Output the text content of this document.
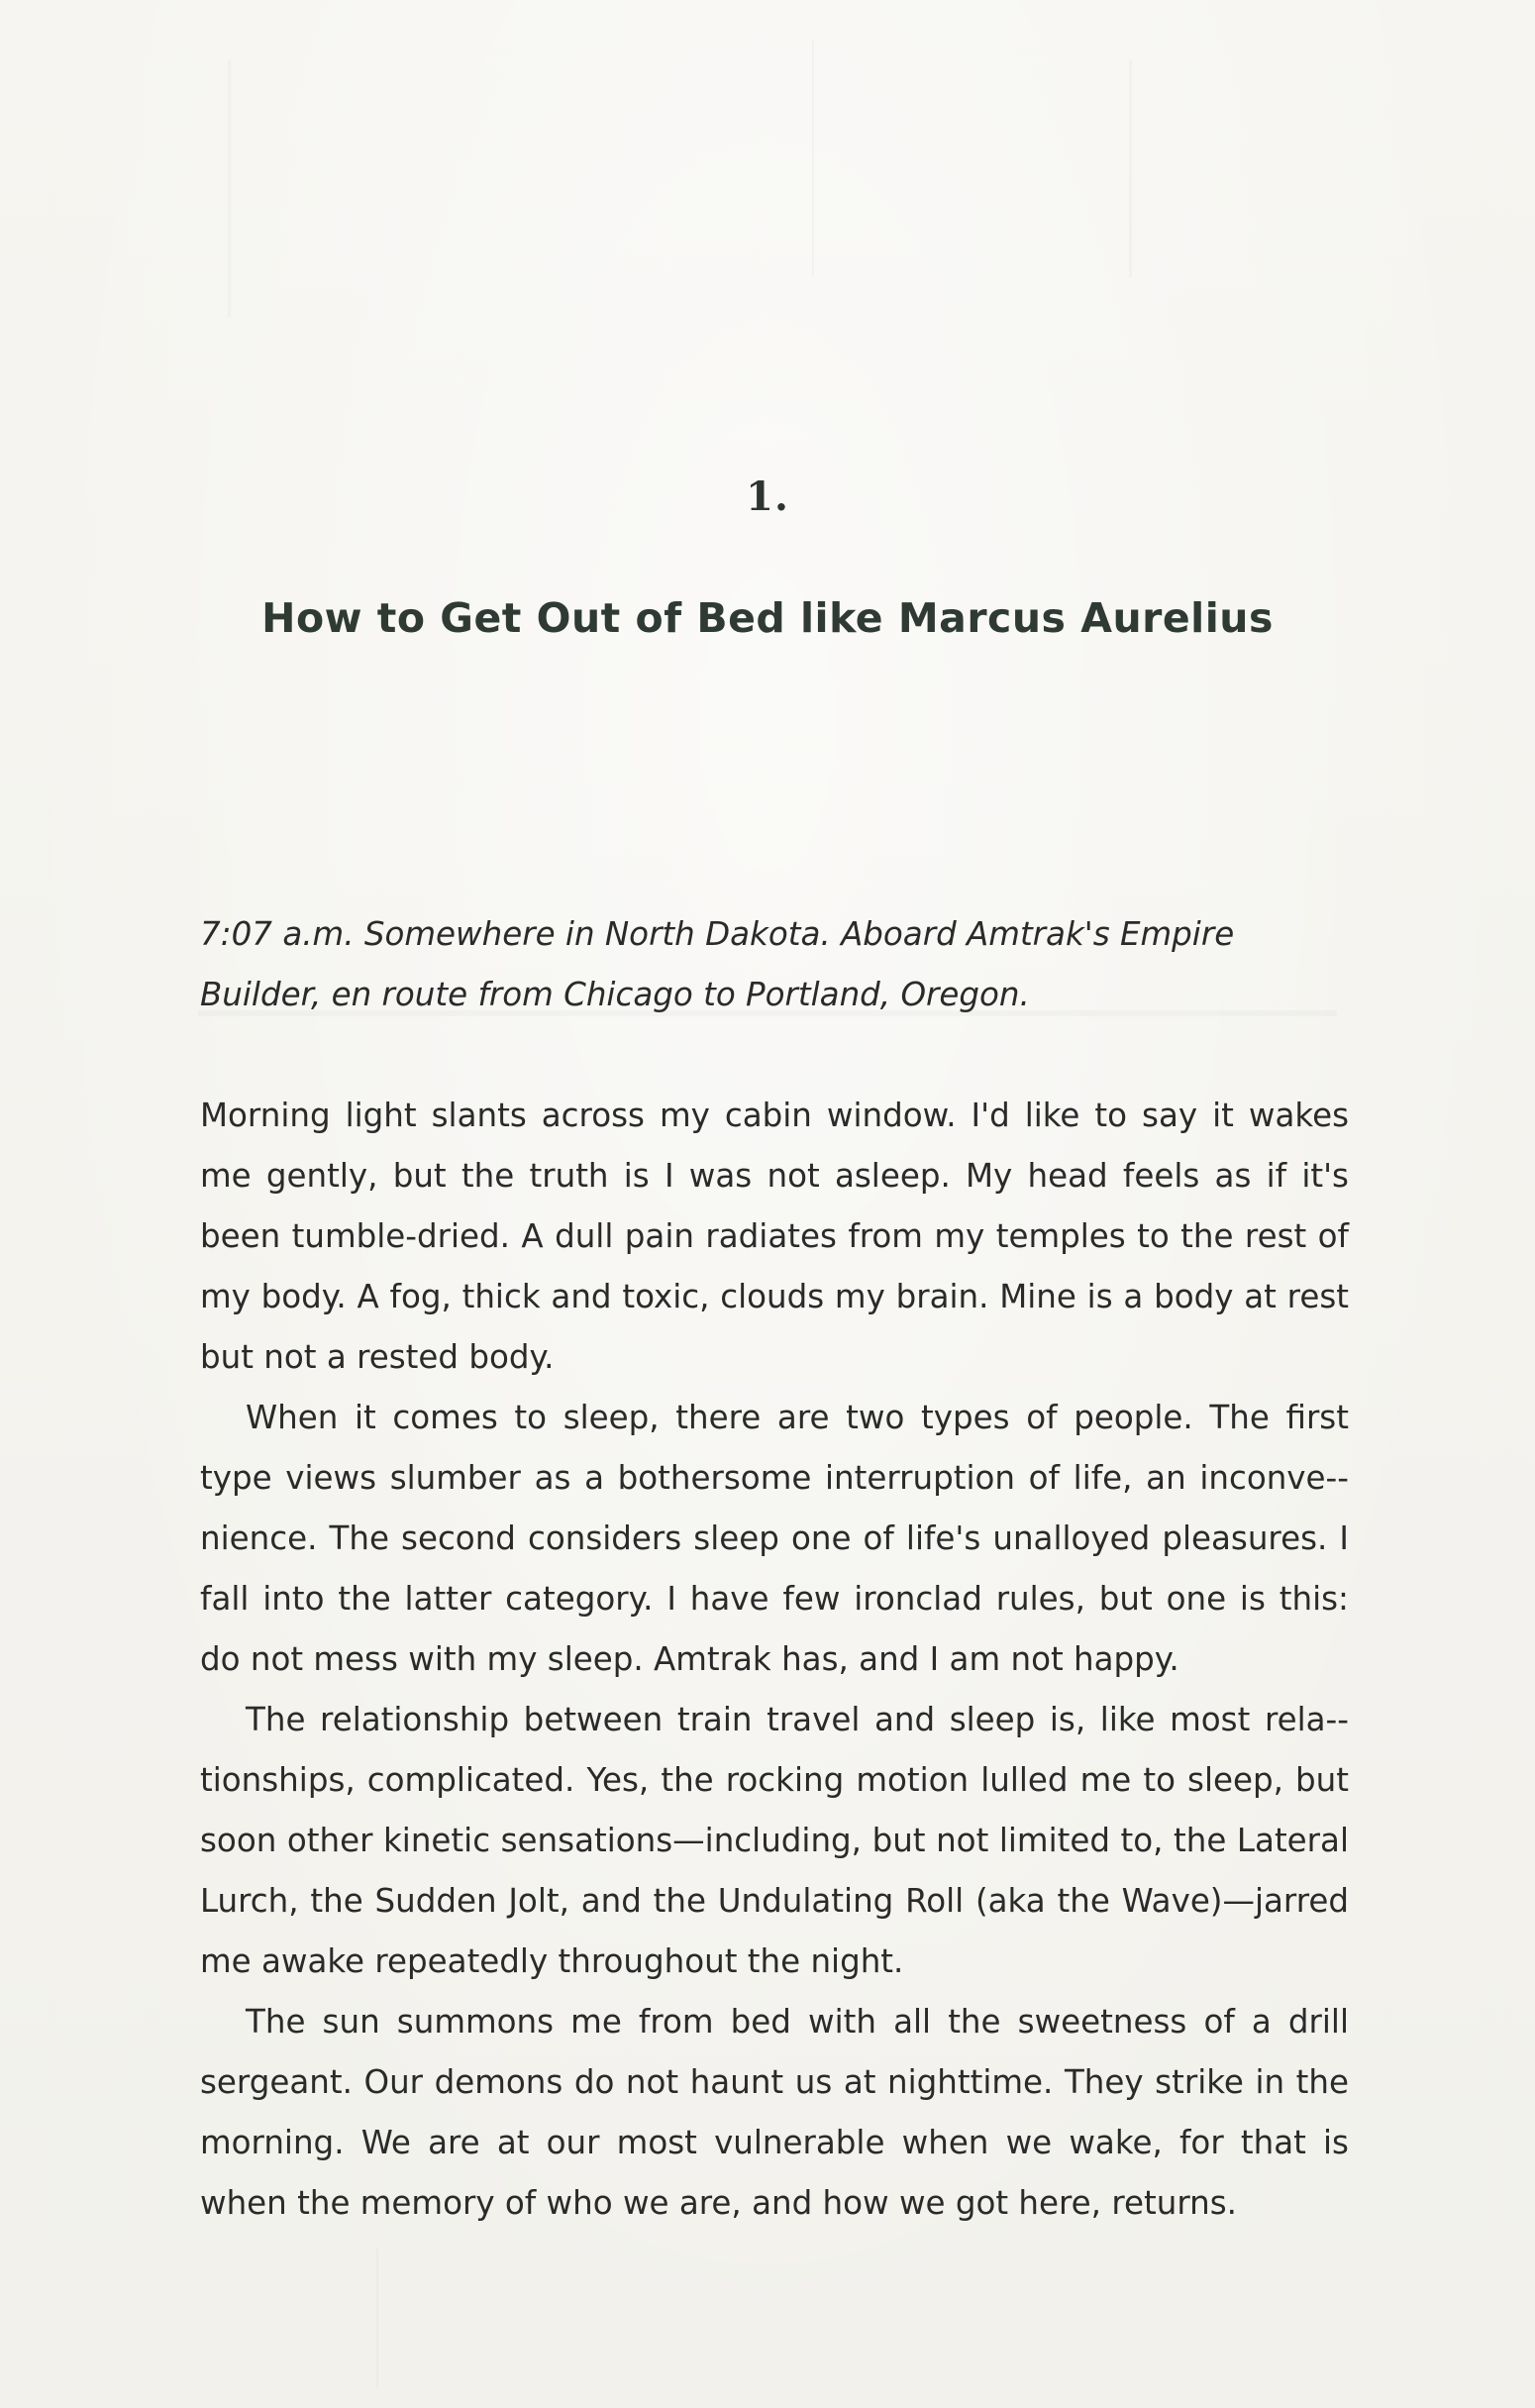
1.
How to Get Out of Bed like Marcus Aurelius
7:07 a.m. Somewhere in North Dakota. Aboard Amtrak's Empire
Builder, en route from Chicago to Portland, Oregon.

Morning light slants across my cabin window. I'd like to say it wakes me gently, but the truth is I was not asleep. My head feels as if it's been tumble-dried. A dull pain radiates from my temples to the rest of my body. A fog, thick and toxic, clouds my brain. Mine is a body at rest but not a rested body.

When it comes to sleep, there are two types of people. The first type views slumber as a bothersome interruption of life, an inconve-nience. The second considers sleep one of life's unalloyed pleasures. I fall into the latter category. I have few ironclad rules, but one is this: do not mess with my sleep. Amtrak has, and I am not happy.

The relationship between train travel and sleep is, like most rela-tionships, complicated. Yes, the rocking motion lulled me to sleep, but soon other kinetic sensations—including, but not limited to, the Lateral Lurch, the Sudden Jolt, and the Undulating Roll (aka the Wave)—jarred me awake repeatedly throughout the night.

The sun summons me from bed with all the sweetness of a drill sergeant. Our demons do not haunt us at nighttime. They strike in the morning. We are at our most vulnerable when we wake, for that is when the memory of who we are, and how we got here, returns.
